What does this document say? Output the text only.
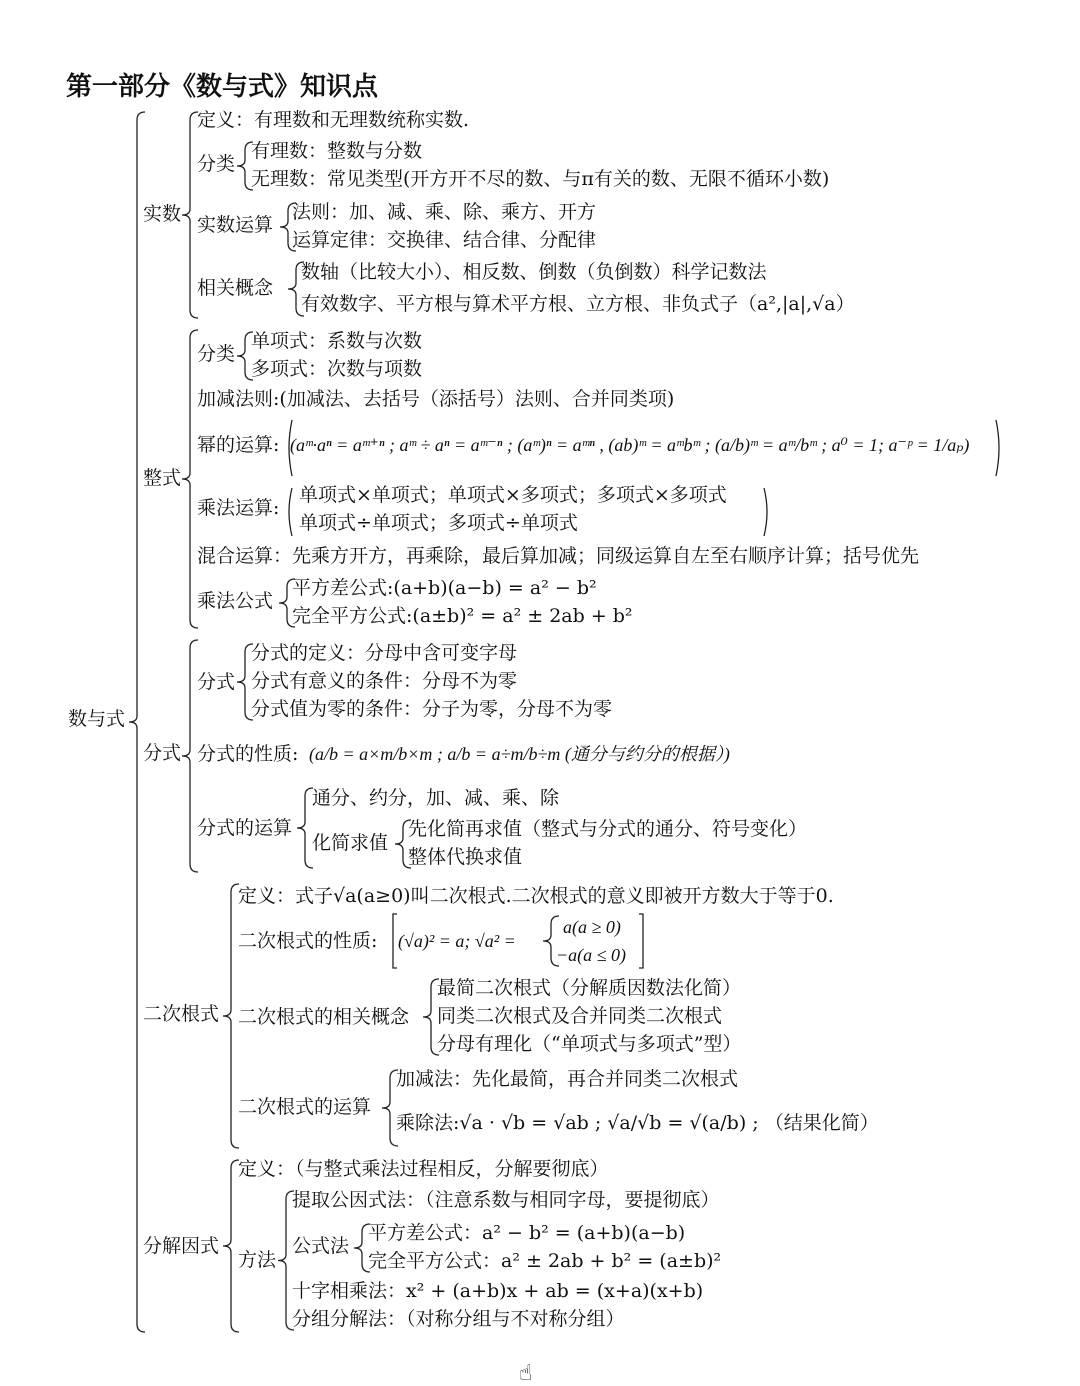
第一部分《数与式》知识点
数与式
实数
定义：有理数和无理数统称实数.
分类
有理数：整数与分数
无理数：常见类型(开方开不尽的数、与π有关的数、无限不循环小数)
实数运算
法则：加、减、乘、除、乘方、开方
运算定律：交换律、结合律、分配律
相关概念
数轴（比较大小）、相反数、倒数（负倒数）科学记数法
有效数字、平方根与算术平方根、立方根、非负式子（a²,|a|,√a）
整式
分类
单项式：系数与次数
多项式：次数与项数
加减法则:(加减法、去括号（添括号）法则、合并同类项)
幂的运算: (aᵐ·aⁿ = aᵐ⁺ⁿ ; aᵐ ÷ aⁿ = aᵐ⁻ⁿ ; (aᵐ)ⁿ = aᵐⁿ , (ab)ᵐ = aᵐbᵐ ; (a/b)ᵐ = aᵐ/bᵐ ; a⁰ = 1; a⁻ᵖ = 1/aₚ)
乘法运算:
单项式×单项式；单项式×多项式；多项式×多项式
单项式÷单项式；多项式÷单项式
混合运算：先乘方开方，再乘除，最后算加减；同级运算自左至右顺序计算；括号优先
乘法公式
平方差公式:(a+b)(a−b) = a² − b²
完全平方公式:(a±b)² = a² ± 2ab + b²
分式
分式
分式的定义：分母中含可变字母
分式有意义的条件：分母不为零
分式值为零的条件：分子为零，分母不为零
分式的性质: (a/b = a×m/b×m ; a/b = a÷m/b÷m (通分与约分的根据）)
分式的运算
通分、约分，加、减、乘、除
化简求值
先化简再求值（整式与分式的通分、符号变化）
整体代换求值
二次根式
定义：式子√a(a≥0)叫二次根式.二次根式的意义即被开方数大于等于0.
二次根式的性质: (√a)² = a; √a² =
a(a ≥ 0)
−a(a ≤ 0)
二次根式的相关概念
最简二次根式（分解质因数法化简）
同类二次根式及合并同类二次根式
分母有理化（“单项式与多项式”型）
二次根式的运算
加减法：先化最简，再合并同类二次根式
乘除法:√a · √b = √ab ; √a/√b = √(a/b) ; （结果化简）
分解因式
定义：（与整式乘法过程相反，分解要彻底）
方法
提取公因式法：（注意系数与相同字母，要提彻底）
公式法
平方差公式：a² − b² = (a+b)(a−b)
完全平方公式：a² ± 2ab + b² = (a±b)²
十字相乘法：x² + (a+b)x + ab = (x+a)(x+b)
分组分解法：（对称分组与不对称分组）
☝
